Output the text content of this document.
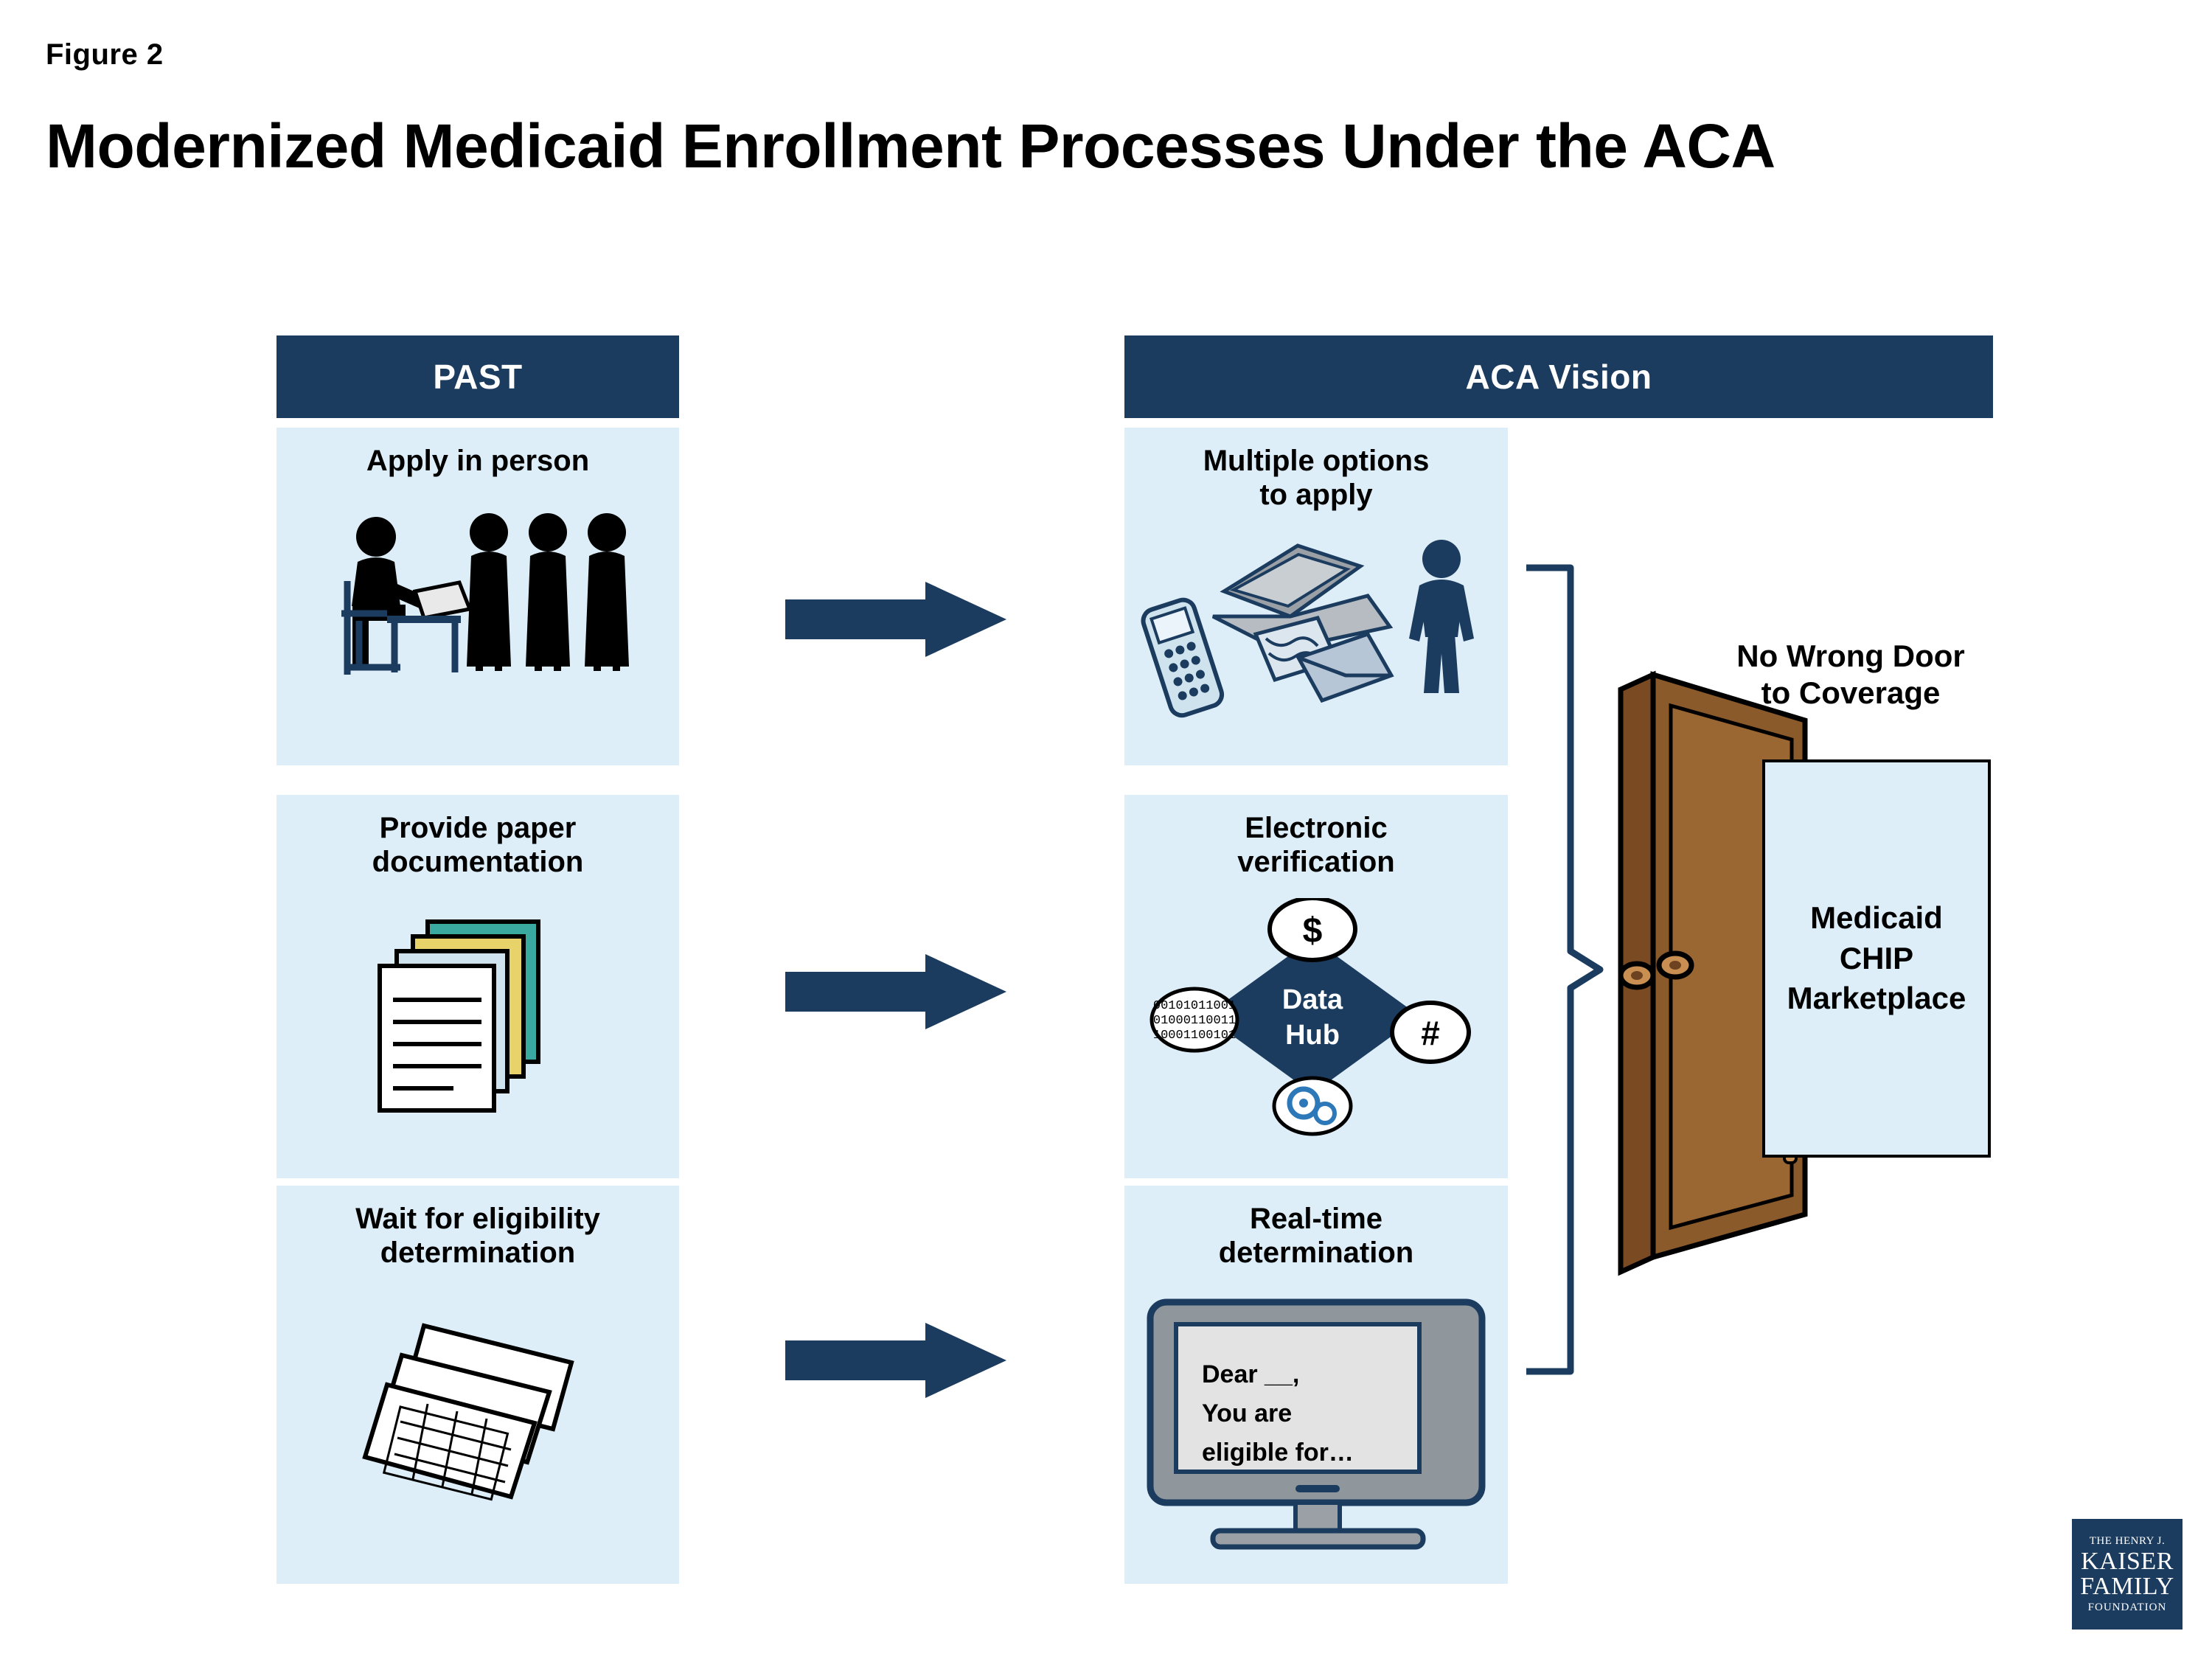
Figure 2
Modernized Medicaid Enrollment Processes Under the ACA
PAST	ACA Vision
Apply in person
Provide paper
documentation
Wait for eligibility
determination
Multiple options
to apply
Electronic
verification
Data
Hub
$
#
00101011001
01000110011
10001100101
Real-time
determination
Dear __,
You are
eligible for…
No Wrong Door
to Coverage
Medicaid
CHIP
Marketplace
THE HENRY J.
KAISER
FAMILY
FOUNDATION
